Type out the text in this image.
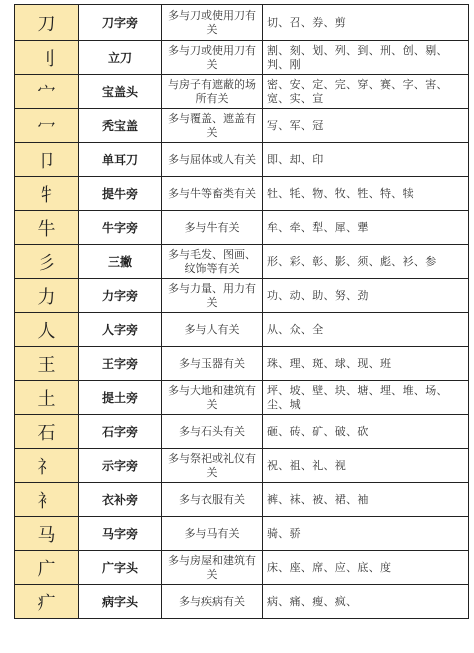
刀	刀字旁	多与刀或使用刀有关	切、召、券、剪
刂	立刀	多与刀或使用刀有关	割、刻、划、列、到、刑、创、剔、判、刚
宀	宝盖头	与房子有遮蔽的场所有关	密、安、定、完、穿、赛、字、害、宽、实、宣
冖	秃宝盖	多与覆盖、遮盖有关	写、军、冠
卩	单耳刀	多与屈体或人有关	即、却、印
牜	提牛旁	多与牛等畜类有关	牡、牦、物、牧、牲、特、犊
牛	牛字旁	多与牛有关	牟、牵、犁、犀、犟
彡	三撇	多与毛发、图画、纹饰等有关	形、彩、彰、影、须、彪、衫、参
力	力字旁	多与力量、用力有关	功、动、助、努、劲
人	人字旁	多与人有关	从、众、全
王	王字旁	多与玉器有关	珠、理、斑、球、现、班
土	提土旁	多与大地和建筑有关	坪、坡、壁、块、塘、埋、堆、场、尘、城
石	石字旁	多与石头有关	砸、砖、矿、破、砍
礻	示字旁	多与祭祀或礼仪有关	祝、祖、礼、视
衤	衣补旁	多与衣服有关	裤、袜、被、裙、袖
马	马字旁	多与马有关	骑、骄
广	广字头	多与房屋和建筑有关	床、座、席、应、底、度
疒	病字头	多与疾病有关	病、痛、瘦、疯、
